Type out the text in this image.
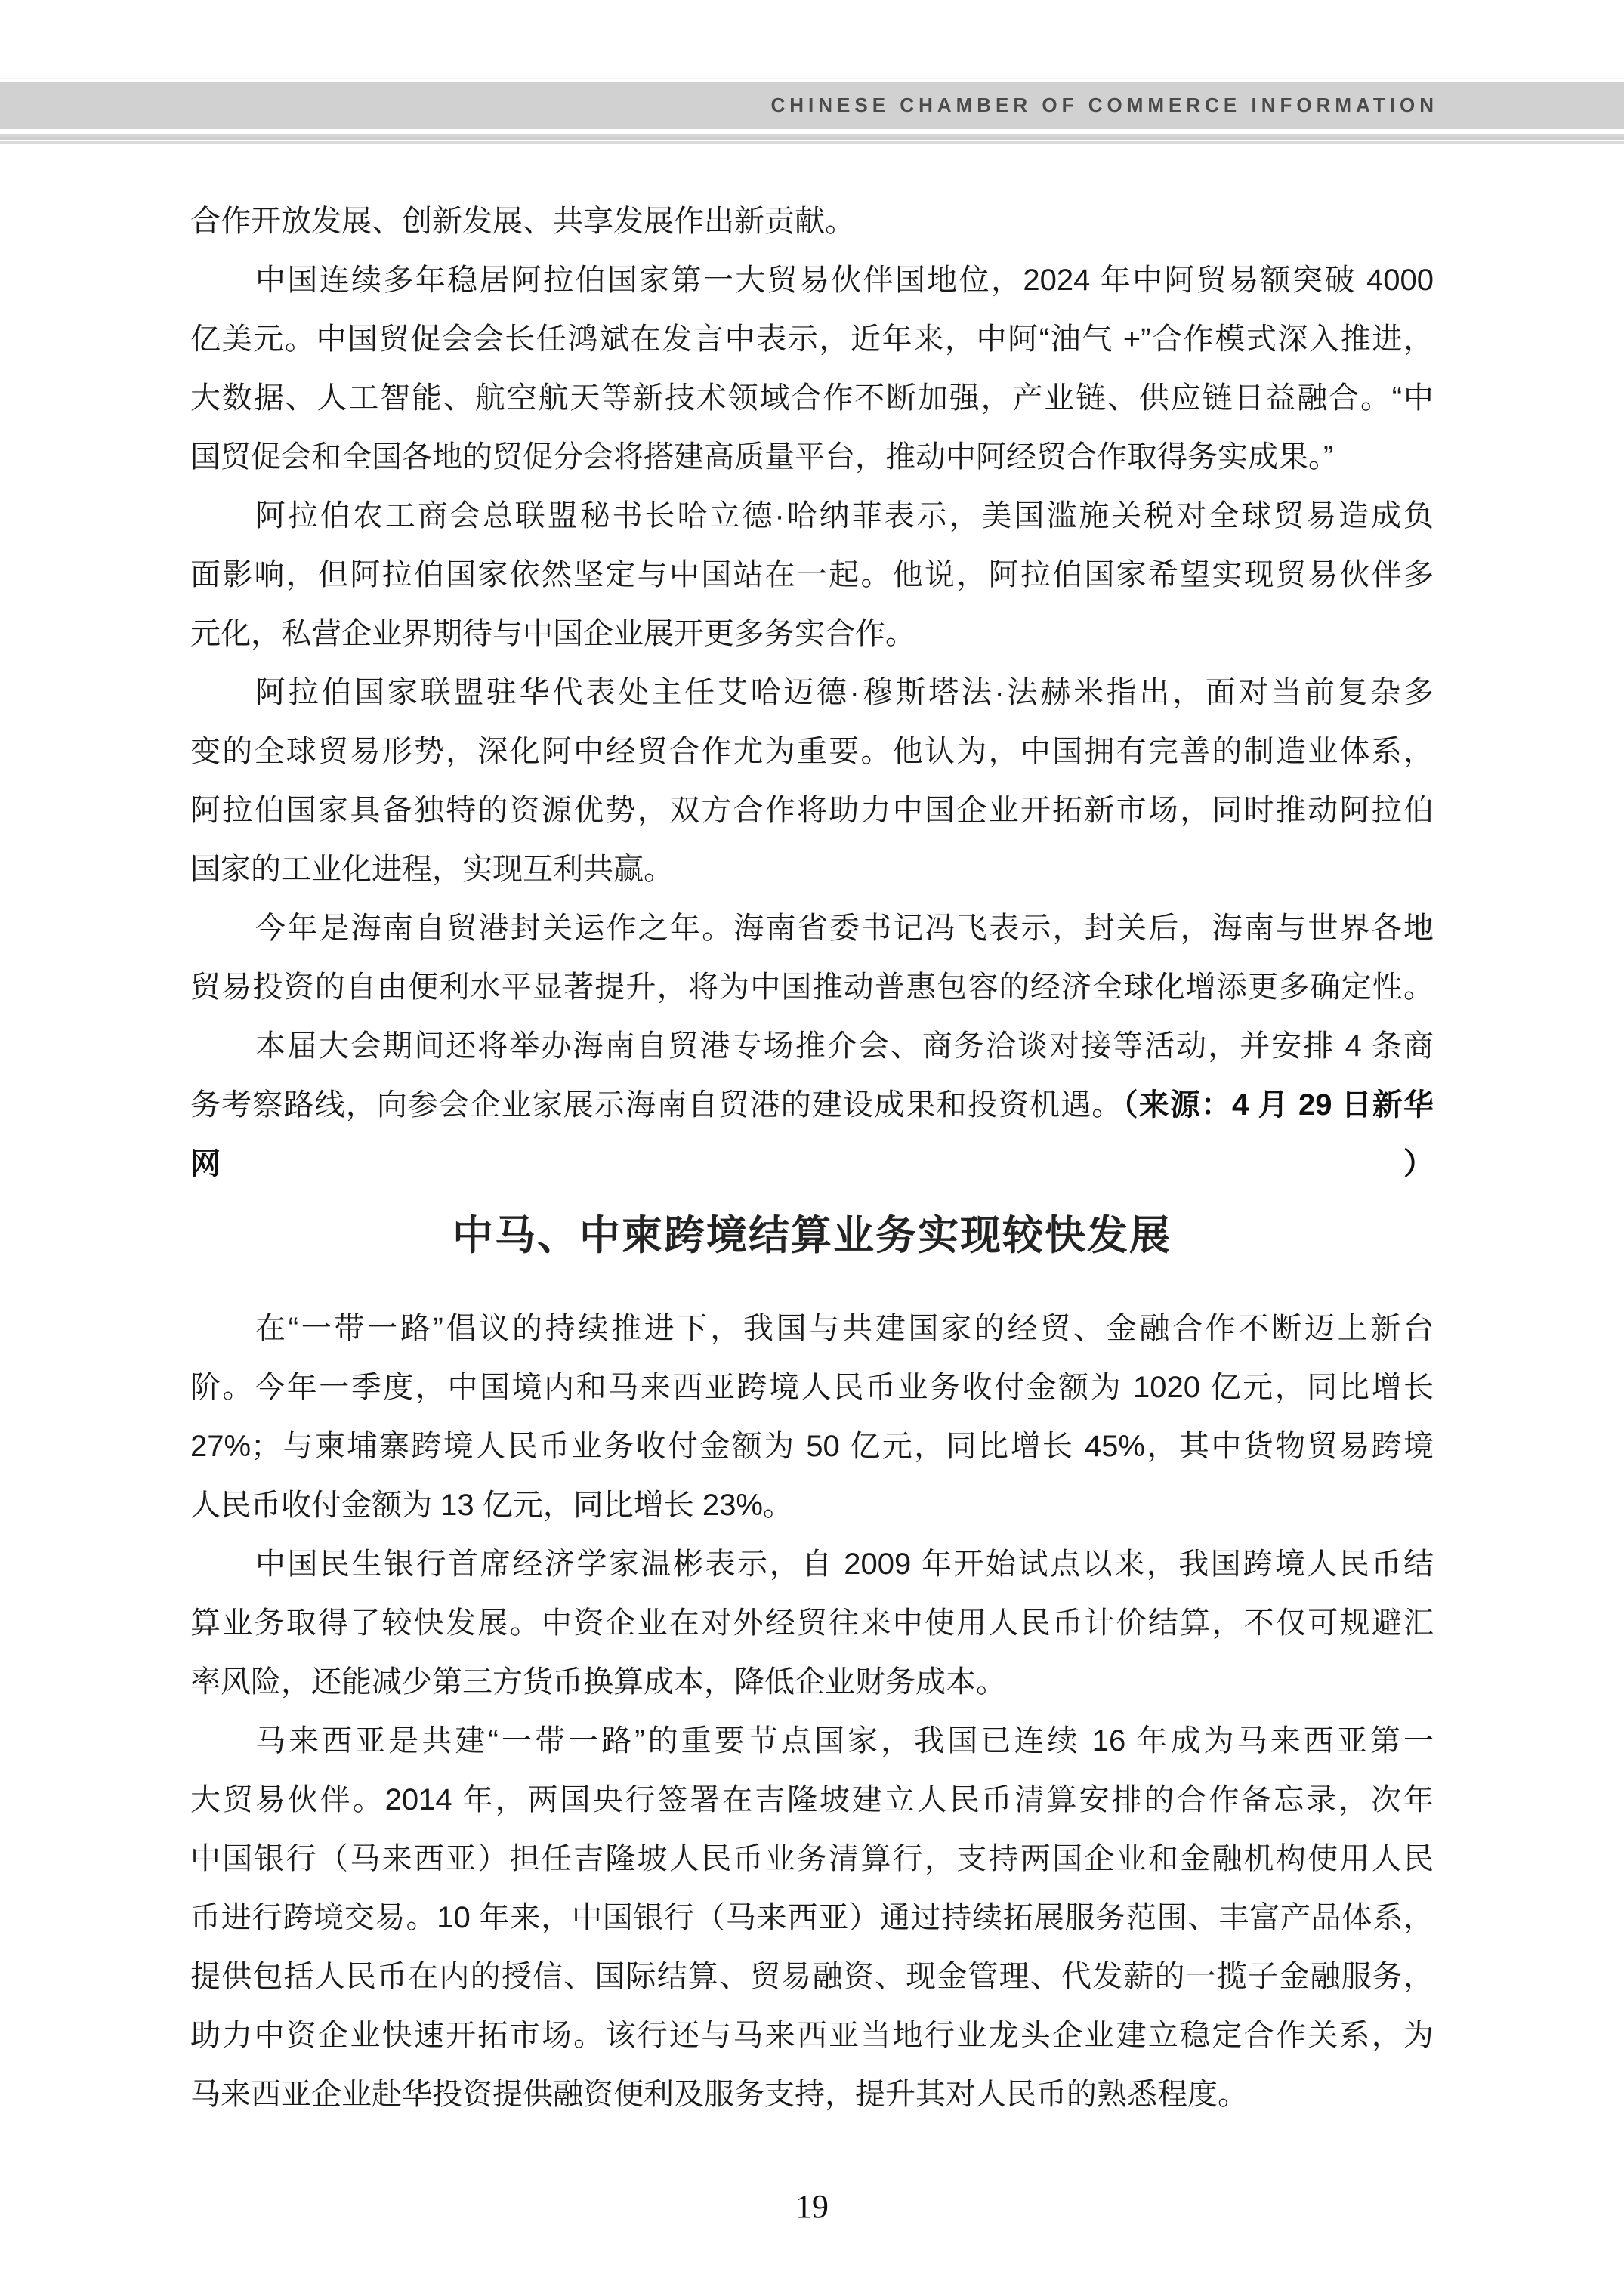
CHINESE CHAMBER OF COMMERCE INFORMATION
合作开放发展、创新发展、共享发展作出新贡献。
中国连续多年稳居阿拉伯国家第一大贸易伙伴国地位，2024 年中阿贸易额突破 4000
亿美元。中国贸促会会长任鸿斌在发言中表示，近年来，中阿“油气 +”合作模式深入推进，
大数据、人工智能、航空航天等新技术领域合作不断加强，产业链、供应链日益融合。“中
国贸促会和全国各地的贸促分会将搭建高质量平台，推动中阿经贸合作取得务实成果。”
阿拉伯农工商会总联盟秘书长哈立德·哈纳菲表示，美国滥施关税对全球贸易造成负
面影响，但阿拉伯国家依然坚定与中国站在一起。他说，阿拉伯国家希望实现贸易伙伴多
元化，私营企业界期待与中国企业展开更多务实合作。
阿拉伯国家联盟驻华代表处主任艾哈迈德·穆斯塔法·法赫米指出，面对当前复杂多
变的全球贸易形势，深化阿中经贸合作尤为重要。他认为，中国拥有完善的制造业体系，
阿拉伯国家具备独特的资源优势，双方合作将助力中国企业开拓新市场，同时推动阿拉伯
国家的工业化进程，实现互利共赢。
今年是海南自贸港封关运作之年。海南省委书记冯飞表示，封关后，海南与世界各地
贸易投资的自由便利水平显著提升，将为中国推动普惠包容的经济全球化增添更多确定性。
本届大会期间还将举办海南自贸港专场推介会、商务洽谈对接等活动，并安排 4 条商
务考察路线，向参会企业家展示海南自贸港的建设成果和投资机遇。（来源：4 月 29 日新华网）
中马、中柬跨境结算业务实现较快发展
在“一带一路”倡议的持续推进下，我国与共建国家的经贸、金融合作不断迈上新台
阶。今年一季度，中国境内和马来西亚跨境人民币业务收付金额为 1020 亿元，同比增长
27%；与柬埔寨跨境人民币业务收付金额为 50 亿元，同比增长 45%，其中货物贸易跨境
人民币收付金额为 13 亿元，同比增长 23%。
中国民生银行首席经济学家温彬表示，自 2009 年开始试点以来，我国跨境人民币结
算业务取得了较快发展。中资企业在对外经贸往来中使用人民币计价结算，不仅可规避汇
率风险，还能减少第三方货币换算成本，降低企业财务成本。
马来西亚是共建“一带一路”的重要节点国家，我国已连续 16 年成为马来西亚第一
大贸易伙伴。2014 年，两国央行签署在吉隆坡建立人民币清算安排的合作备忘录，次年
中国银行（马来西亚）担任吉隆坡人民币业务清算行，支持两国企业和金融机构使用人民
币进行跨境交易。10 年来，中国银行（马来西亚）通过持续拓展服务范围、丰富产品体系，
提供包括人民币在内的授信、国际结算、贸易融资、现金管理、代发薪的一揽子金融服务，
助力中资企业快速开拓市场。该行还与马来西亚当地行业龙头企业建立稳定合作关系，为
马来西亚企业赴华投资提供融资便利及服务支持，提升其对人民币的熟悉程度。
19
